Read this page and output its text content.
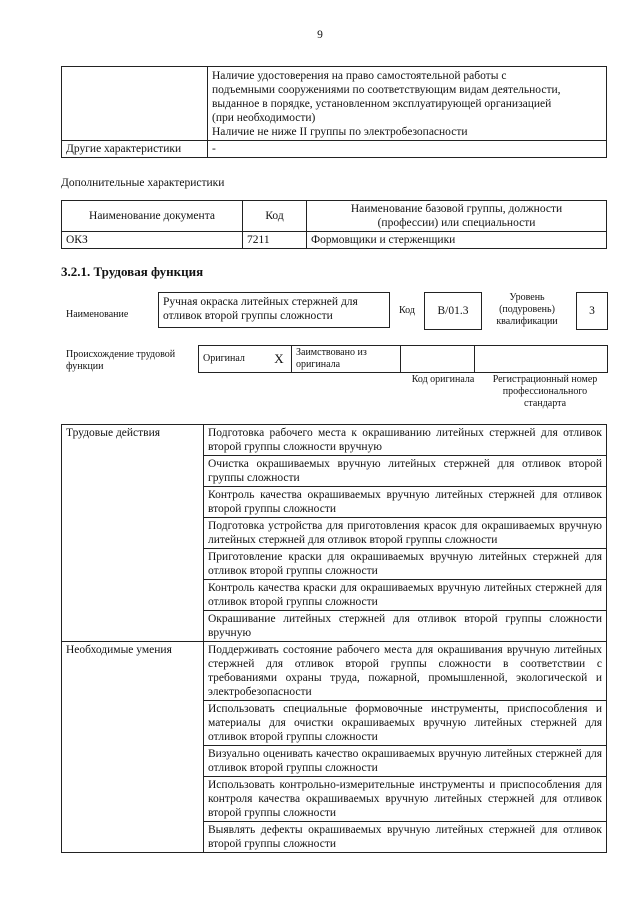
9

	Наличие удостоверения на право самостоятельной работы с
подъемными сооружениями по соответствующим видам деятельности,
выданное в порядке, установленном эксплуатирующей организацией
(при необходимости)
Наличие не ниже II группы по электробезопасности

Другие характеристики	-
Дополнительные характеристики
Наименование документа	Код	Наименование базовой группы, должности (профессии) или специальности
ОКЗ	7211	Формовщики и стерженщики
3.2.1. Трудовая функция
Наименование
Ручная окраска литейных стержней для отливок второй группы сложности	Код	B/01.3
Уровень (подуровень) квалификации
3
Происхождение трудовой функции
Оригинал	X	Заимствовано из оригинала		
Код оригинала	Регистрационный номер профессионального стандарта
Трудовые действия	Подготовка рабочего места к окрашиванию литейных стержней для отливок второй группы сложности вручную
	Очистка окрашиваемых вручную литейных стержней для отливок второй группы сложности
	Контроль качества окрашиваемых вручную литейных стержней для отливок второй группы сложности
	Подготовка устройства для приготовления красок для окрашиваемых вручную литейных стержней для отливок второй группы сложности
	Приготовление краски для окрашиваемых вручную литейных стержней для отливок второй группы сложности
	Контроль качества краски для окрашиваемых вручную литейных стержней для отливок второй группы сложности
	Окрашивание литейных стержней для отливок второй группы сложности вручную
Необходимые умения	Поддерживать состояние рабочего места для окрашивания вручную литейных стержней для отливок второй группы сложности в соответствии с требованиями охраны труда, пожарной, промышленной, экологической и электробезопасности
	Использовать специальные формовочные инструменты, приспособления и материалы для очистки окрашиваемых вручную литейных стержней для отливок второй группы сложности
	Визуально оценивать качество окрашиваемых вручную литейных стержней для отливок второй группы сложности
	Использовать контрольно-измерительные инструменты и приспособления для контроля качества окрашиваемых вручную литейных стержней для отливок второй группы сложности
	Выявлять дефекты окрашиваемых вручную литейных стержней для отливок второй группы сложности
